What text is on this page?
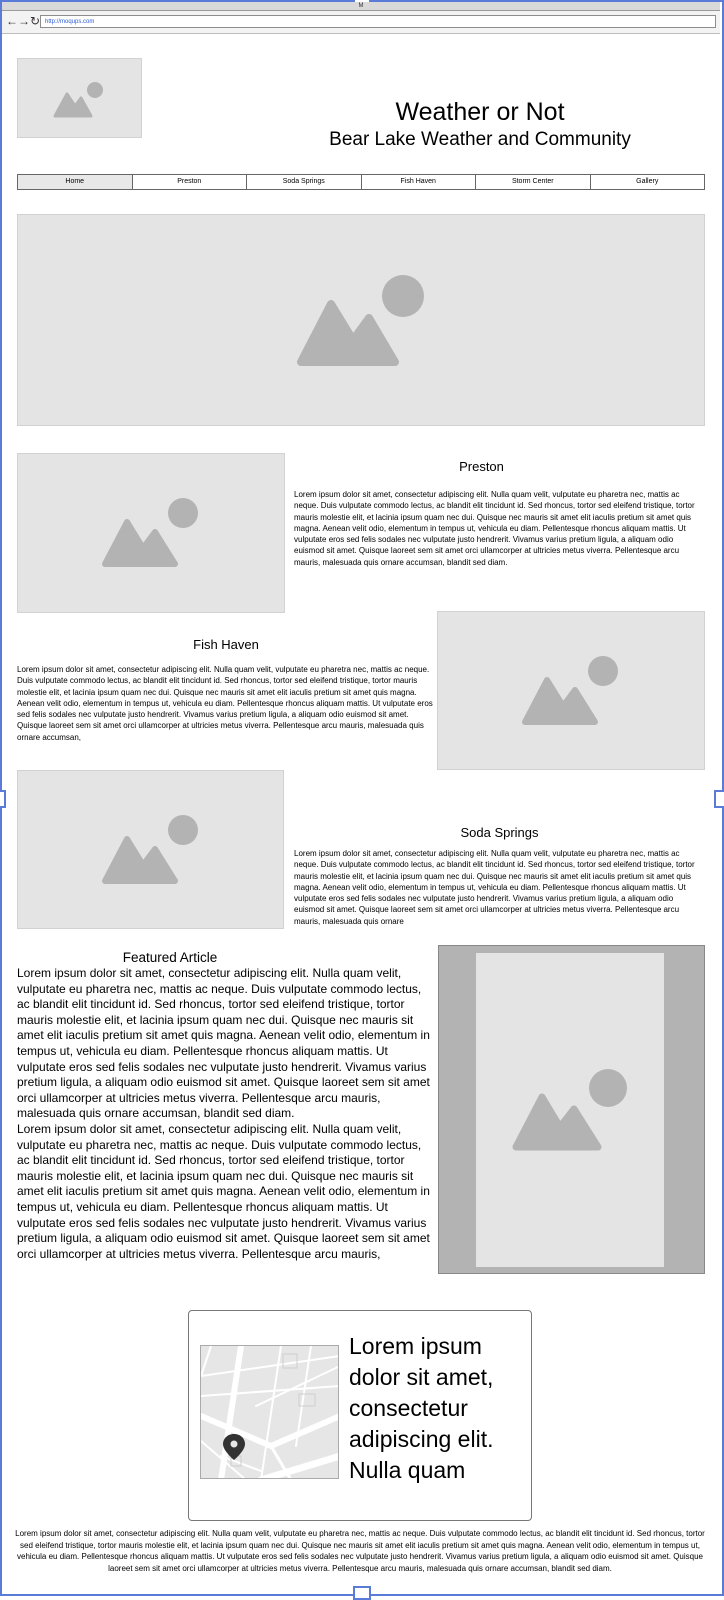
M
← → ↻ http://moqups.com
Weather or Not
Bear Lake Weather and Community
Home	Preston	Soda Springs	Fish Haven	Storm Center	Gallery
Preston
Lorem ipsum dolor sit amet, consectetur adipiscing elit. Nulla quam velit, vulputate eu pharetra nec, mattis ac neque. Duis vulputate commodo lectus, ac blandit elit tincidunt id. Sed rhoncus, tortor sed eleifend tristique, tortor mauris molestie elit, et lacinia ipsum quam nec dui. Quisque nec mauris sit amet elit iaculis pretium sit amet quis magna. Aenean velit odio, elementum in tempus ut, vehicula eu diam. Pellentesque rhoncus aliquam mattis. Ut vulputate eros sed felis sodales nec vulputate justo hendrerit. Vivamus varius pretium ligula, a aliquam odio euismod sit amet. Quisque laoreet sem sit amet orci ullamcorper at ultricies metus viverra. Pellentesque arcu mauris, malesuada quis ornare accumsan, blandit sed diam.
Fish Haven
Lorem ipsum dolor sit amet, consectetur adipiscing elit. Nulla quam velit, vulputate eu pharetra nec, mattis ac neque. Duis vulputate commodo lectus, ac blandit elit tincidunt id. Sed rhoncus, tortor sed eleifend tristique, tortor mauris molestie elit, et lacinia ipsum quam nec dui. Quisque nec mauris sit amet elit iaculis pretium sit amet quis magna. Aenean velit odio, elementum in tempus ut, vehicula eu diam. Pellentesque rhoncus aliquam mattis. Ut vulputate eros sed felis sodales nec vulputate justo hendrerit. Vivamus varius pretium ligula, a aliquam odio euismod sit amet. Quisque laoreet sem sit amet orci ullamcorper at ultricies metus viverra. Pellentesque arcu mauris, malesuada quis ornare accumsan,
Soda Springs
Lorem ipsum dolor sit amet, consectetur adipiscing elit. Nulla quam velit, vulputate eu pharetra nec, mattis ac neque. Duis vulputate commodo lectus, ac blandit elit tincidunt id. Sed rhoncus, tortor sed eleifend tristique, tortor mauris molestie elit, et lacinia ipsum quam nec dui. Quisque nec mauris sit amet elit iaculis pretium sit amet quis magna. Aenean velit odio, elementum in tempus ut, vehicula eu diam. Pellentesque rhoncus aliquam mattis. Ut vulputate eros sed felis sodales nec vulputate justo hendrerit. Vivamus varius pretium ligula, a aliquam odio euismod sit amet. Quisque laoreet sem sit amet orci ullamcorper at ultricies metus viverra. Pellentesque arcu mauris, malesuada quis ornare
Featured Article
Lorem ipsum dolor sit amet, consectetur adipiscing elit. Nulla quam velit, vulputate eu pharetra nec, mattis ac neque. Duis vulputate commodo lectus, ac blandit elit tincidunt id. Sed rhoncus, tortor sed eleifend tristique, tortor mauris molestie elit, et lacinia ipsum quam nec dui. Quisque nec mauris sit amet elit iaculis pretium sit amet quis magna. Aenean velit odio, elementum in tempus ut, vehicula eu diam. Pellentesque rhoncus aliquam mattis. Ut vulputate eros sed felis sodales nec vulputate justo hendrerit. Vivamus varius pretium ligula, a aliquam odio euismod sit amet. Quisque laoreet sem sit amet orci ullamcorper at ultricies metus viverra. Pellentesque arcu mauris, malesuada quis ornare accumsan, blandit sed diam.
Lorem ipsum dolor sit amet, consectetur adipiscing elit. Nulla quam velit, vulputate eu pharetra nec, mattis ac neque. Duis vulputate commodo lectus, ac blandit elit tincidunt id. Sed rhoncus, tortor sed eleifend tristique, tortor mauris molestie elit, et lacinia ipsum quam nec dui. Quisque nec mauris sit amet elit iaculis pretium sit amet quis magna. Aenean velit odio, elementum in tempus ut, vehicula eu diam. Pellentesque rhoncus aliquam mattis. Ut vulputate eros sed felis sodales nec vulputate justo hendrerit. Vivamus varius pretium ligula, a aliquam odio euismod sit amet. Quisque laoreet sem sit amet orci ullamcorper at ultricies metus viverra. Pellentesque arcu mauris,
Lorem ipsum dolor sit amet, consectetur adipiscing elit. Nulla quam
Lorem ipsum dolor sit amet, consectetur adipiscing elit. Nulla quam velit, vulputate eu pharetra nec, mattis ac neque. Duis vulputate commodo lectus, ac blandit elit tincidunt id. Sed rhoncus, tortor sed eleifend tristique, tortor mauris molestie elit, et lacinia ipsum quam nec dui. Quisque nec mauris sit amet elit iaculis pretium sit amet quis magna. Aenean velit odio, elementum in tempus ut, vehicula eu diam. Pellentesque rhoncus aliquam mattis. Ut vulputate eros sed felis sodales nec vulputate justo hendrerit. Vivamus varius pretium ligula, a aliquam odio euismod sit amet. Quisque laoreet sem sit amet orci ullamcorper at ultricies metus viverra. Pellentesque arcu mauris, malesuada quis ornare accumsan, blandit sed diam.
